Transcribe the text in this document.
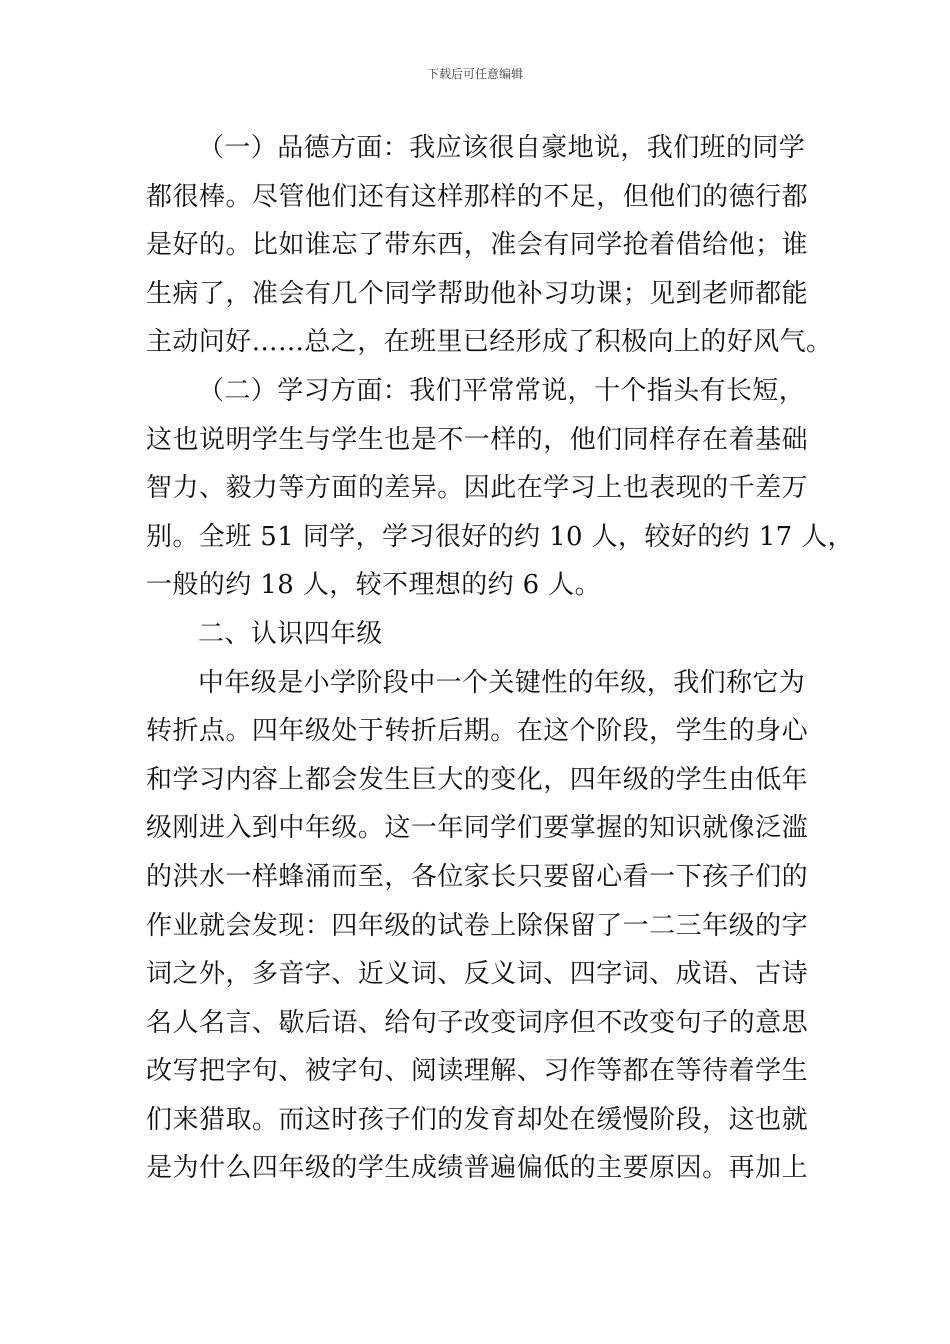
下载后可任意编辑
（一）品德方面：我应该很自豪地说，我们班的同学
都很棒。尽管他们还有这样那样的不足，但他们的德行都
是好的。比如谁忘了带东西，准会有同学抢着借给他；谁
生病了，准会有几个同学帮助他补习功课；见到老师都能
主动问好……总之，在班里已经形成了积极向上的好风气。
（二）学习方面：我们平常常说，十个指头有长短，
这也说明学生与学生也是不一样的，他们同样存在着基础
智力、毅力等方面的差异。因此在学习上也表现的千差万
别。全班 51 同学，学习很好的约 10 人，较好的约 17 人，
一般的约 18 人，较不理想的约 6 人。
二、认识四年级
中年级是小学阶段中一个关键性的年级，我们称它为
转折点。四年级处于转折后期。在这个阶段，学生的身心
和学习内容上都会发生巨大的变化，四年级的学生由低年
级刚进入到中年级。这一年同学们要掌握的知识就像泛滥
的洪水一样蜂涌而至，各位家长只要留心看一下孩子们的
作业就会发现：四年级的试卷上除保留了一二三年级的字
词之外，多音字、近义词、反义词、四字词、成语、古诗
名人名言、歇后语、给句子改变词序但不改变句子的意思
改写把字句、被字句、阅读理解、习作等都在等待着学生
们来猎取。而这时孩子们的发育却处在缓慢阶段，这也就
是为什么四年级的学生成绩普遍偏低的主要原因。再加上
